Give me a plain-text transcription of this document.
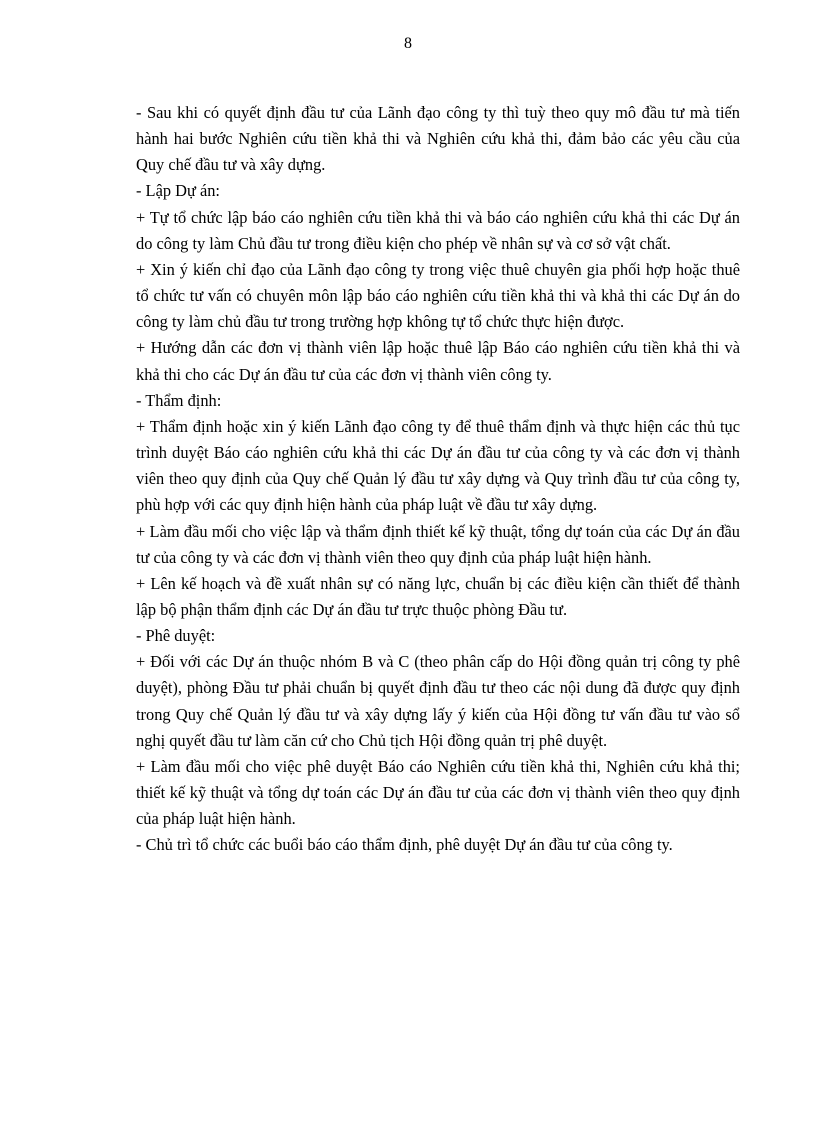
8

- Sau khi có quyết định đầu tư của Lãnh đạo công ty thì tuỳ theo quy mô đầu tư mà tiến hành hai bước Nghiên cứu tiền khả thi và Nghiên cứu khả thi, đảm bảo các yêu cầu của Quy chế đầu tư và xây dựng.

- Lập Dự án:

+ Tự tổ chức lập báo cáo nghiên cứu tiền khả thi và báo cáo nghiên cứu khả thi các Dự án do công ty làm Chủ đầu tư trong điều kiện cho phép về nhân sự và cơ sở vật chất.

+ Xin ý kiến chỉ đạo của Lãnh đạo công ty trong việc thuê chuyên gia phối hợp hoặc thuê tổ chức tư vấn có chuyên môn lập báo cáo nghiên cứu tiền khả thi và khả thi các Dự án do công ty làm chủ đầu tư trong trường hợp không tự tổ chức thực hiện được.

+ Hướng dẫn các đơn vị thành viên lập hoặc thuê lập Báo cáo nghiên cứu tiền khả thi và khả thi cho các Dự án đầu tư của các đơn vị thành viên công ty.

- Thẩm định:

+ Thẩm định hoặc xin ý kiến Lãnh đạo công ty để thuê thẩm định và thực hiện các thủ tục trình duyệt Báo cáo nghiên cứu khả thi các Dự án đầu tư của công ty và các đơn vị thành viên theo quy định của Quy chế Quản lý đầu tư xây dựng và Quy trình đầu tư của công ty, phù hợp với các quy định hiện hành của pháp luật về đầu tư xây dựng.

+ Làm đầu mối cho việc lập và thẩm định thiết kế kỹ thuật, tổng dự toán của các Dự án đầu tư của công ty và các đơn vị thành viên theo quy định của pháp luật hiện hành.

+ Lên kế hoạch và đề xuất nhân sự có năng lực, chuẩn bị các điều kiện cần thiết để thành lập bộ phận thẩm định các Dự án đầu tư trực thuộc phòng Đầu tư.

- Phê duyệt:

+ Đối với các Dự án thuộc nhóm B và C (theo phân cấp do Hội đồng quản trị công ty phê duyệt), phòng Đầu tư phải chuẩn bị quyết định đầu tư theo các nội dung đã được quy định trong Quy chế Quản lý đầu tư và xây dựng lấy ý kiến của Hội đồng tư vấn đầu tư vào sổ nghị quyết đầu tư làm căn cứ cho Chủ tịch Hội đồng quản trị phê duyệt.

+ Làm đầu mối cho việc phê duyệt Báo cáo Nghiên cứu tiền khả thi, Nghiên cứu khả thi; thiết kế kỹ thuật và tổng dự toán các Dự án đầu tư của các đơn vị thành viên theo quy định của pháp luật hiện hành.

- Chủ trì tổ chức các buổi báo cáo thẩm định, phê duyệt Dự án đầu tư của công ty.
